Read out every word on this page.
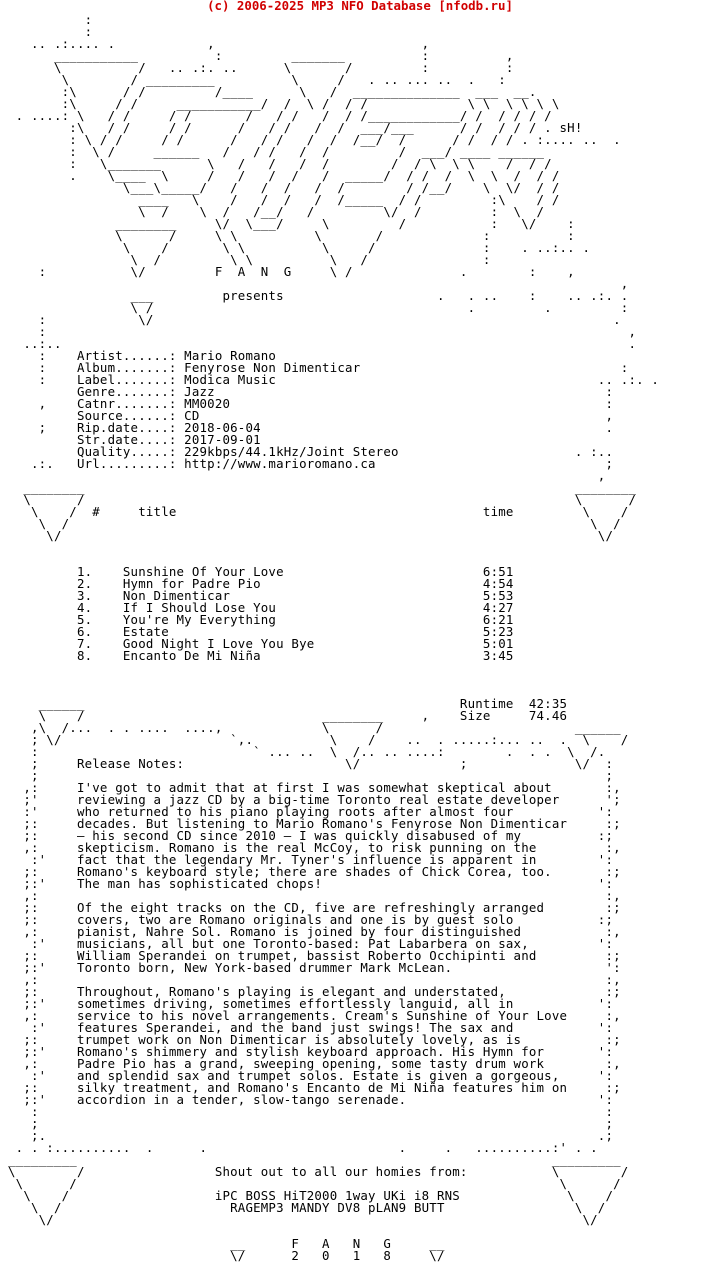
(c) 2006-2025 MP3 NFO Database [nfodb.ru]
:
:
.. .:.... .            ,                           ,
___________          :         _______          :          ,
\          /   .. .:. ..      \       /         :          :
\        / _________          \     /   . .. ... ..  .   :
:\      / /         /____      \   /  ______________  ___  __.
:\     / /     ___________/  /  \ /  / /             \ \  \ \ \ \
. ....: \   / /     / /       /   / /   /  / /____________/ /  / / / /
:\   / /     / /      /   / /   /  /  ___/___      / /  / / / . sH!
: \ / /     / /      /   / /   /  /  /__/  /      / /  / / . :.... ..  .
:  \ /     ______   /   / /   /  /         /  ___/ ____ ______
:   \_______      \   /   /   /  /        /  / \  \ \    /  / /
.    \____  \     /   /   /  /   /  _____/  / /  /  \  \  /  / /
\___\_____/   /   /  /   /  /        / /__/    \  \/  / /
____   \    /   /  /   /  /_____  / /         :\    / /
\  /    \  /   /__/   /         \/  /         :  \  /
________     \/  \___/     \         /           :   \/    :
\      /     \ \          \       /             :          :
\    /       \ \          \     /              :    . ..:.. .
\  /         \ \          \   /               :
:           \/         F  A  N  G     \ /              .        :    ,
,
___         presents                    .   . ..    :    .. .:. .
\ /                                         .         .         :
:            \/                                                            .
:                                                                            ,
..:..                                                                          .
:    Artist......: Mario Romano
:    Album.......: Fenyrose Non Dimenticar                                  :
:    Label.......: Modica Music                                          .. .:. .
Genre.......: Jazz                                                   :
,    Catnr.......: MM0020                                                 :
Source......: CD                                                     ,
;    Rip.date....: 2018-06-04                                             .
Str.date....: 2017-09-01
Quality.....: 229kbps/44.1kHz/Joint Stereo                       . :..
.:.   Url.........: http://www.marioromano.ca                              ;
,
________                                                                ________
\      /                                                                \      /
\    /  #     title                                        time         \    /
\  /                                                                    \  /
\/                                                                      \/

1.    Sunshine Of Your Love                          6:51
2.    Hymn for Padre Pio                             4:54
3.    Non Dimenticar                                 5:53
4.    If I Should Lose You                           4:27
5.    You're My Everything                           6:21
6.    Estate                                         5:23
7.    Good Night I Love You Bye                      5:01
8.    Encanto De Mi Niña                             3:45

______                                                 Runtime  42:35
\    /                               ________     ,    Size     74.46
,\  /...  . . ....  ....,             \      /                         ______
; \/                      `,.          \    /    ..  . .....:... ..  .  \    /
:                            ` ... ..  \  /.. .. ....:        .  . .  \  /.
;     Release Notes:                     \/             ;              \/  :
;                                                                          ;
,:     I've got to admit that at first I was somewhat skeptical about       :,
;'     reviewing a jazz CD by a big-time Toronto real estate developer      ';
:'     who returned to his piano playing roots after almost four           ':
;:     decades. But listening to Mario Romano's Fenyrose Non Dimenticar     :;
;:     – his second CD since 2010 – I was quickly disabused of my          :;
,:     skepticism. Romano is the real McCoy, to risk punning on the         :,
:'    fact that the legendary Mr. Tyner's influence is apparent in        ':
;:     Romano's keyboard style; there are shades of Chick Corea, too.       :;
;:'    The man has sophisticated chops!                                    ':
,:                                                                          :,
;:     Of the eight tracks on the CD, five are refreshingly arranged        :;
;:     covers, two are Romano originals and one is by guest solo           :;
,:     pianist, Nahre Sol. Romano is joined by four distinguished           :,
:'    musicians, all but one Toronto-based: Pat Labarbera on sax,         ':
;:     William Sperandei on trumpet, bassist Roberto Occhipinti and         :;
;:'    Toronto born, New York-based drummer Mark McLean.                    ':
,:                                                                          :,
;:     Throughout, Romano's playing is elegant and understated,             :;
;:'    sometimes driving, sometimes effortlessly languid, all in           ':
,:     service to his novel arrangements. Cream's Sunshine of Your Love     :,
:'    features Sperandei, and the band just swings! The sax and           ':
;:     trumpet work on Non Dimenticar is absolutely lovely, as is           :;
;:'    Romano's shimmery and stylish keyboard approach. His Hymn for       ':
,:     Padre Pio has a grand, sweeping opening, some tasty drum work        :,
:'    and splendid sax and trumpet solos. Estate is given a gorgeous,     ':
;:     silky treatment, and Romano's Encanto de Mi Niña features him on     :;
;:'    accordion in a tender, slow-tango serenade.                         ':
:                                                                          :
;                                                                          ;
;.                                                                        .;
. . :..........  .      .                         .     .   ..........:' . .
_________                                                              _________
\        /                 Shout out to all our homies from:           \        /
\      /                                                               \      /
\    /                   iPC BOSS HiT2000 1way UKi i8 RNS              \    /
\  /                      RAGEMP3 MANDY DV8 pLAN9 BUTT                 \  /
\/                                                                     \/

__      F   A   N   G     __
\/      2   0   1   8     \/
